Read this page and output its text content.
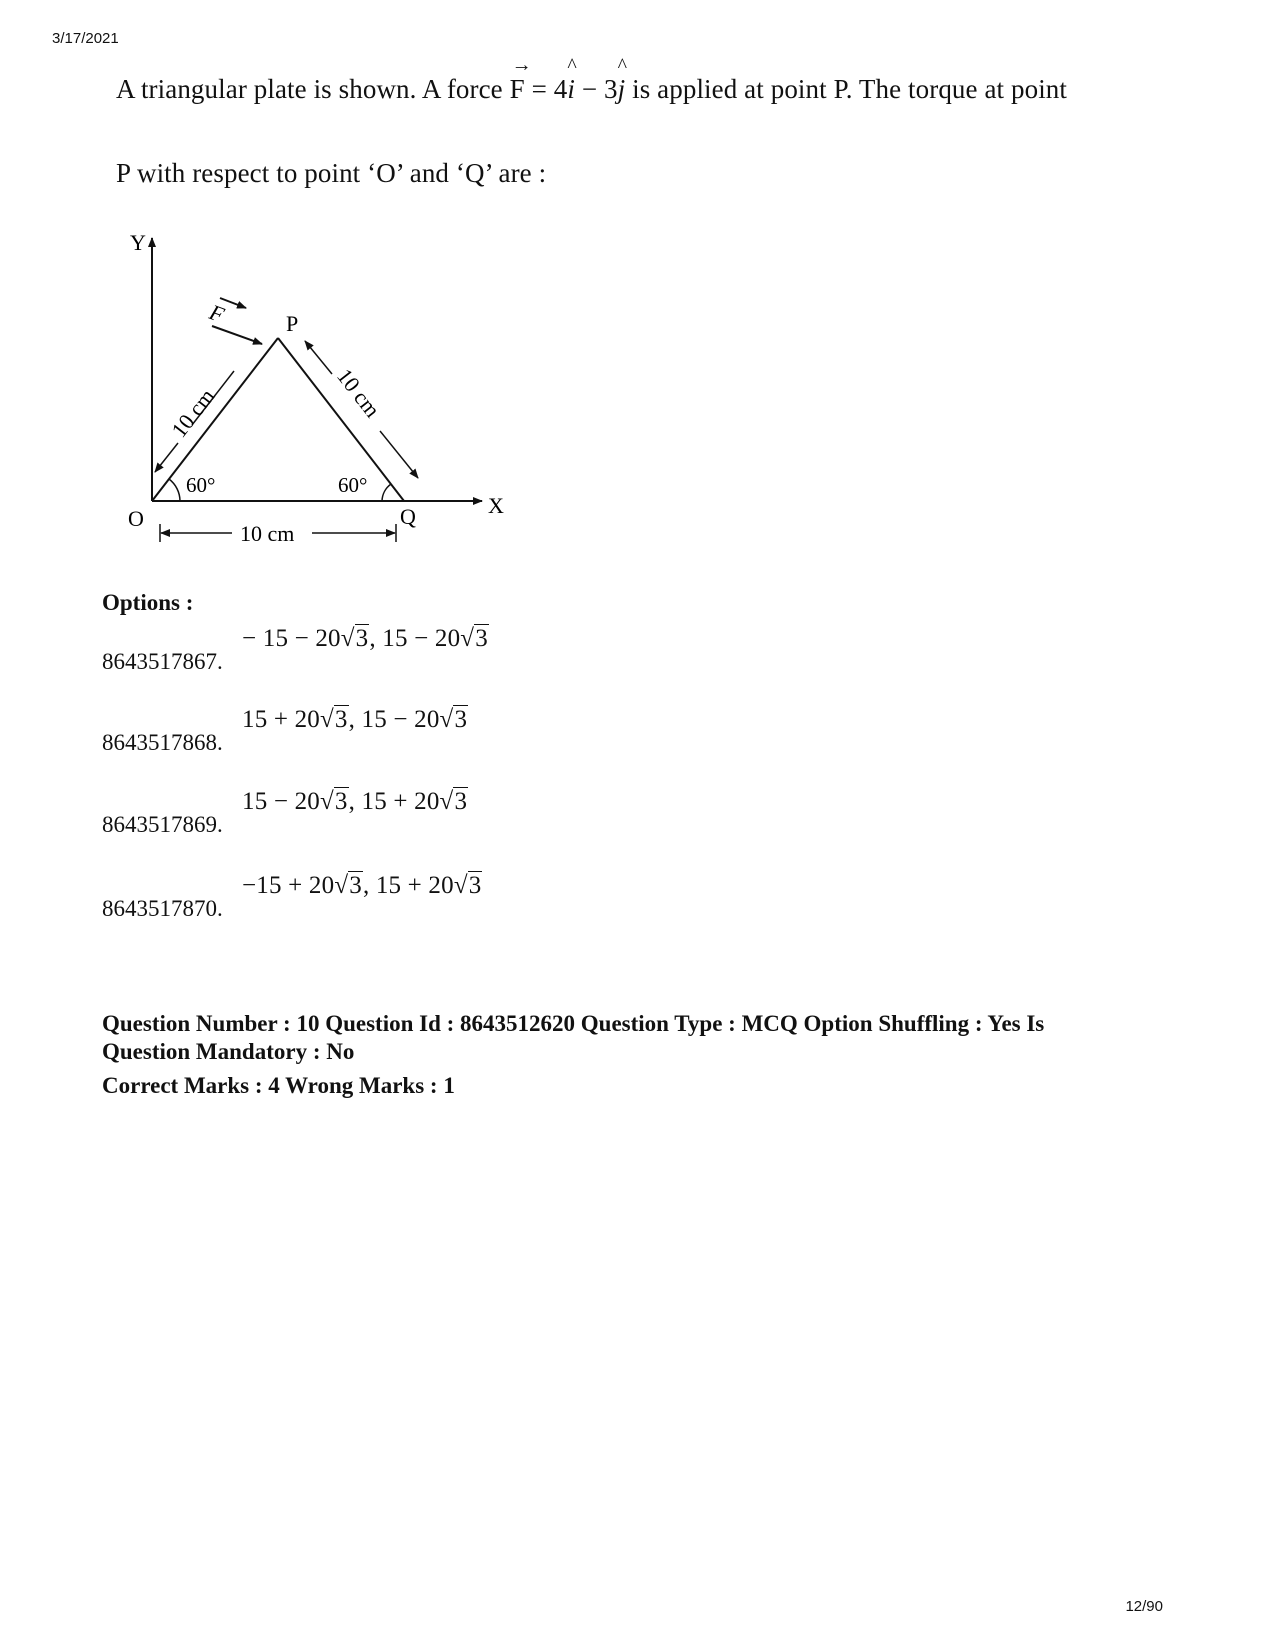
3/17/2021
A triangular plate is shown. A force → F = 4^ i − 3^ j is applied at point P. The torque at point
P with respect to point ‘O’ and ‘Q’ are :
Y
X
O
P
Q
F
10 cm	10 cm
60°	60°
10 cm
Options :
8643517867.
− 15 − 20√3, 15 − 20√3
8643517868.
15 + 20√3, 15 − 20√3
8643517869.
15 − 20√3, 15 + 20√3
8643517870.
−15 + 20√3, 15 + 20√3
Question Number : 10 Question Id : 8643512620 Question Type : MCQ Option Shuffling : Yes Is
Question Mandatory : No
Correct Marks : 4 Wrong Marks : 1
12/90
